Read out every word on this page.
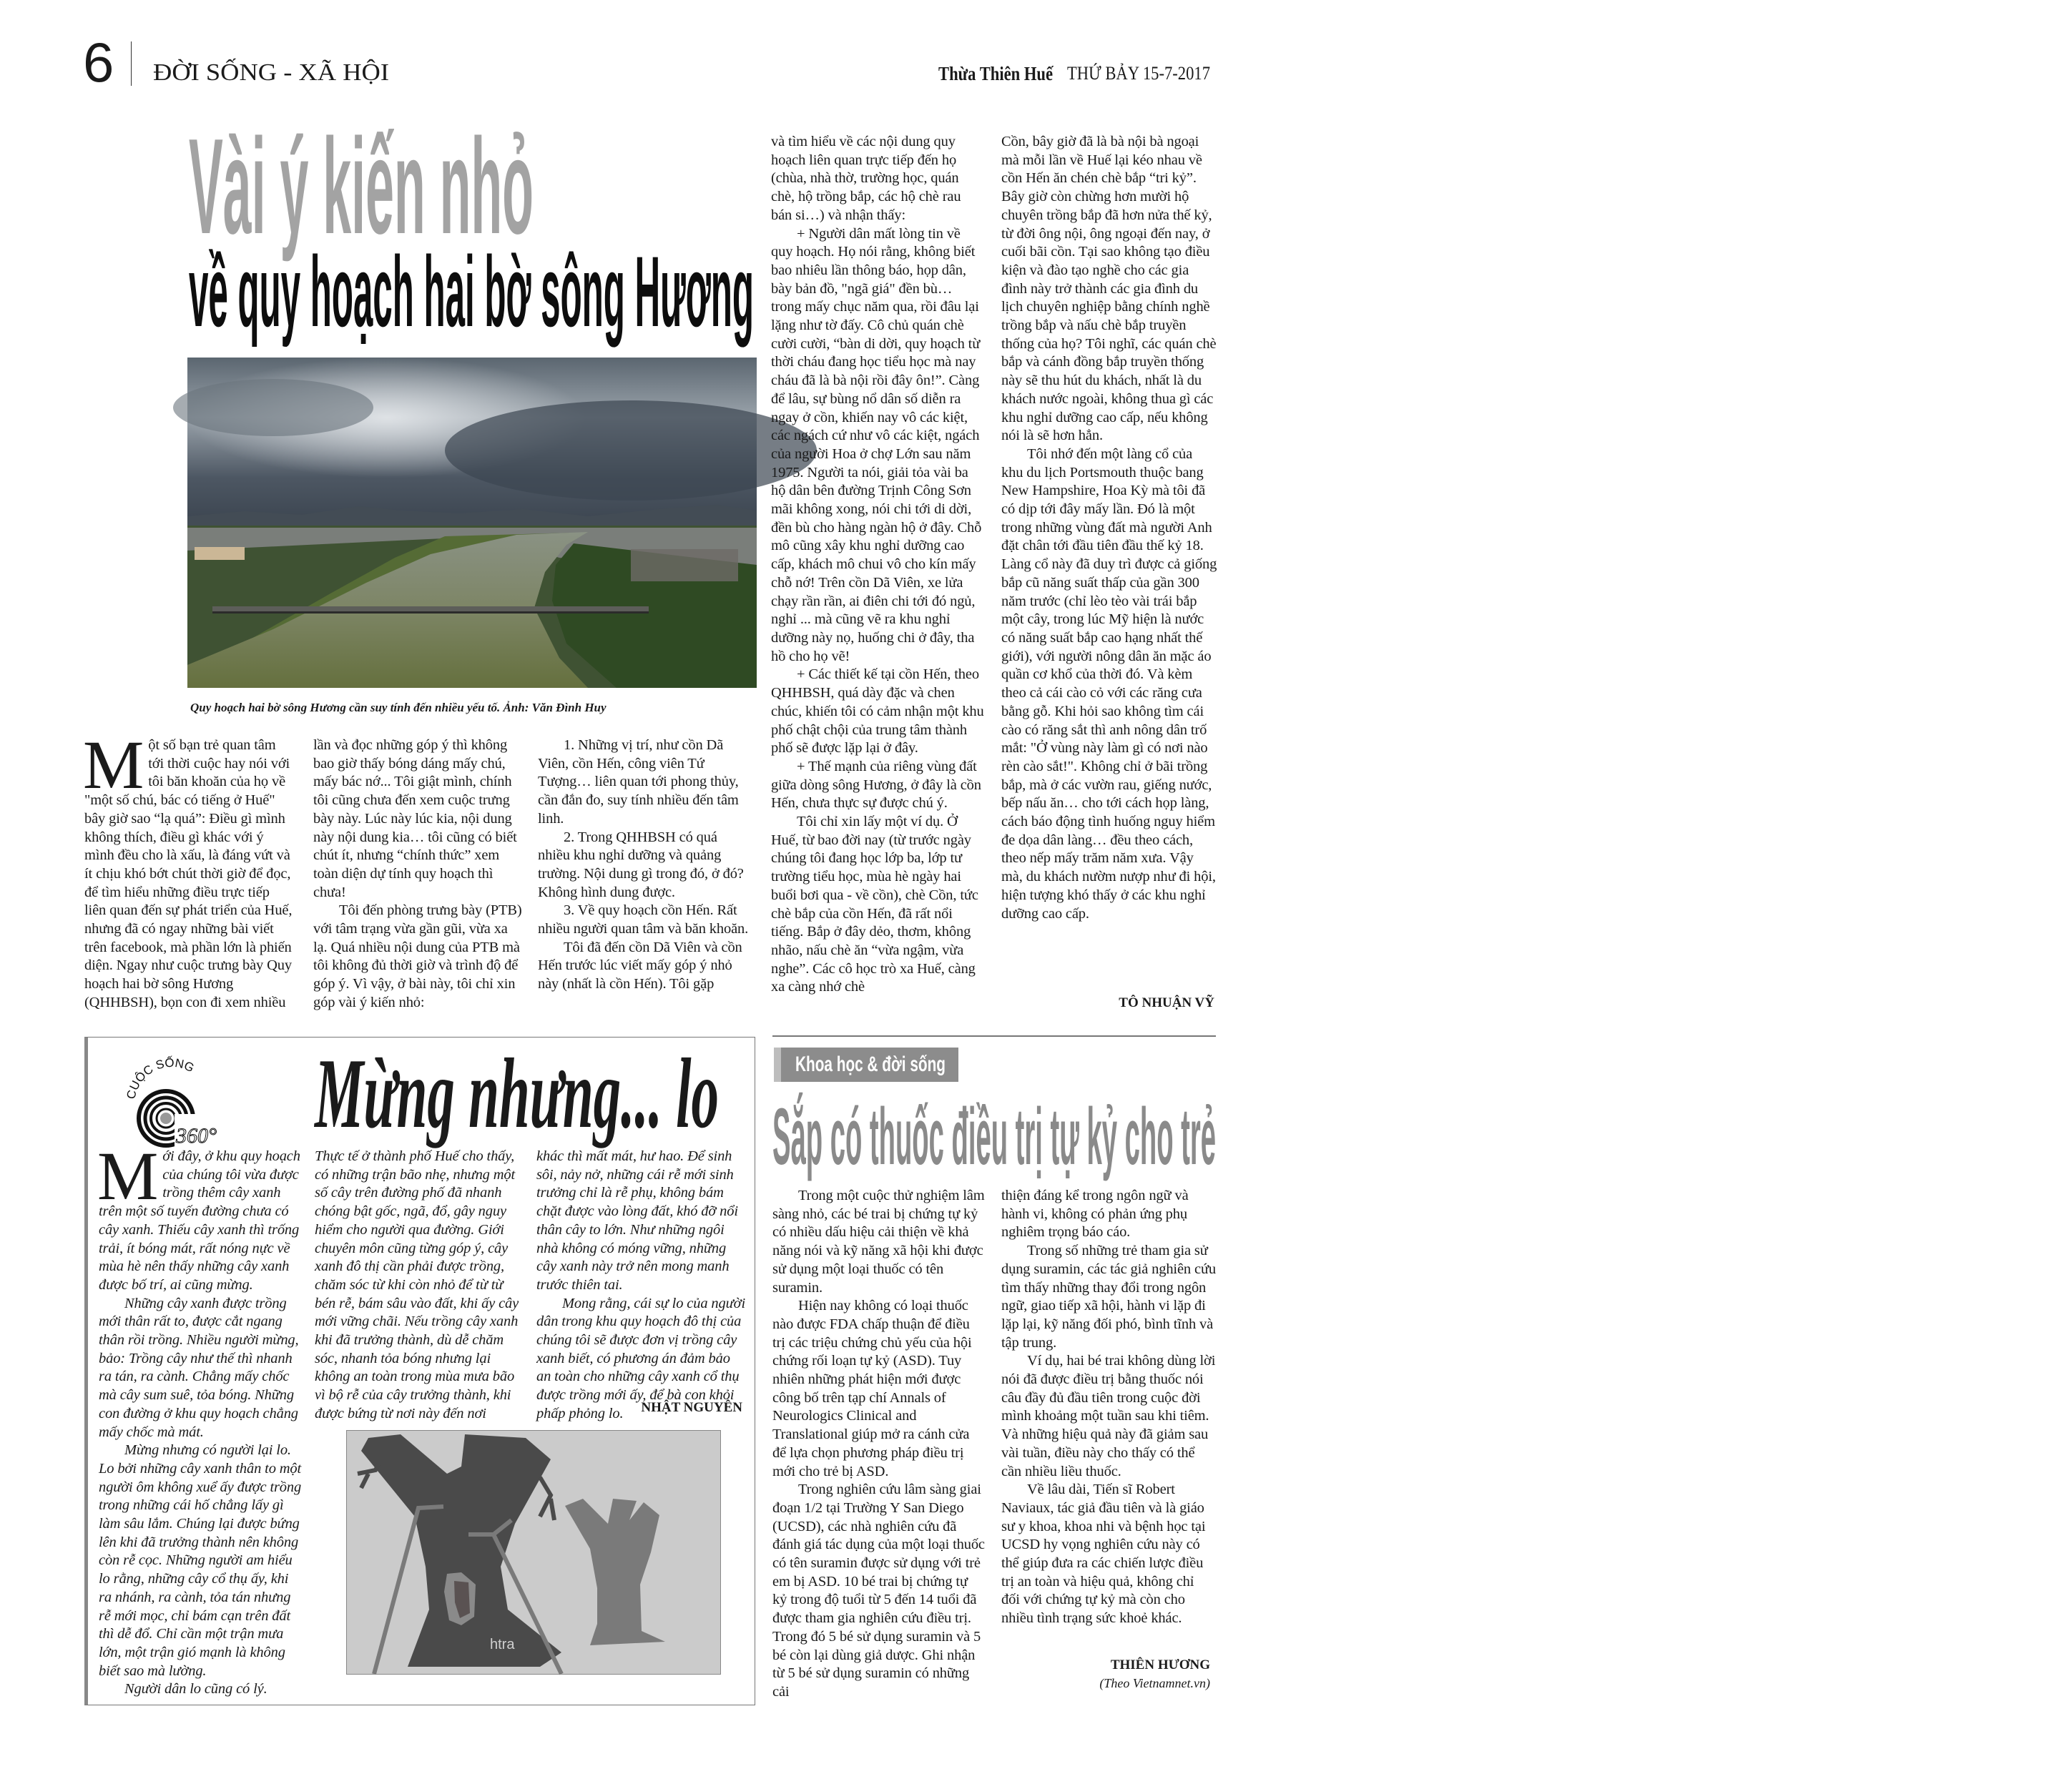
6 ĐỜI SỐNG - XÃ HỘI	Thừa Thiên Huế THỨ BẢY 15-7-2017
Vài ý kiến nhỏ
về quy hoạch hai bờ sông Hương
Quy hoạch hai bờ sông Hương cần suy tính đến nhiều yếu tố. Ảnh: Văn Đình Huy
M ột số bạn trẻ quan tâm tới thời cuộc hay nói với tôi băn khoăn của họ về "một số chú, bác có tiếng ở Huế" bây giờ sao “lạ quá”: Điều gì mình không thích, điều gì khác với ý mình đều cho là xấu, là đáng vứt và ít chịu khó bớt chút thời giờ để đọc, để tìm hiểu những điều trực tiếp liên quan đến sự phát triển của Huế, nhưng đã có ngay những bài viết trên facebook, mà phần lớn là phiến diện. Ngay như cuộc trưng bày Quy hoạch hai bờ sông Hương (QHHBSH), bọn con đi xem nhiều

lần và đọc những góp ý thì không bao giờ thấy bóng dáng mấy chú, mấy bác nớ... Tôi giật mình, chính tôi cũng chưa đến xem cuộc trưng bày này. Lúc này lúc kia, nội dung này nội dung kia… tôi cũng có biết chút ít, nhưng “chính thức” xem toàn diện dự tính quy hoạch thì chưa!

Tôi đến phòng trưng bày (PTB) với tâm trạng vừa gần gũi, vừa xa lạ. Quá nhiều nội dung của PTB mà tôi không đủ thời giờ và trình độ để góp ý. Vì vậy, ở bài này, tôi chỉ xin góp vài ý kiến nhỏ:

1. Những vị trí, như cồn Dã Viên, cồn Hến, công viên Tứ Tượng… liên quan tới phong thủy, cần đắn đo, suy tính nhiều đến tâm linh.

2. Trong QHHBSH có quá nhiều khu nghỉ dưỡng và quảng trường. Nội dung gì trong đó, ở đó? Không hình dung được.

3. Về quy hoạch cồn Hến. Rất nhiều người quan tâm và băn khoăn.

Tôi đã đến cồn Dã Viên và cồn Hến trước lúc viết mấy góp ý nhỏ này (nhất là cồn Hến). Tôi gặp

và tìm hiểu về các nội dung quy hoạch liên quan trực tiếp đến họ (chùa, nhà thờ, trường học, quán chè, hộ trồng bắp, các hộ chè rau bán si…) và nhận thấy:

+ Người dân mất lòng tin về quy hoạch. Họ nói rằng, không biết bao nhiêu lần thông báo, họp dân, bày bản đồ, "ngã giá" đền bù… trong mấy chục năm qua, rồi đâu lại lặng như tờ đấy. Cô chủ quán chè cười cười, “bàn di dời, quy hoạch từ thời cháu đang học tiểu học mà nay cháu đã là bà nội rồi đây ôn!”. Càng để lâu, sự bùng nổ dân số diễn ra ngay ở cồn, khiến nay vô các kiệt, các ngách cứ như vô các kiệt, ngách của người Hoa ở chợ Lớn sau năm 1975. Người ta nói, giải tỏa vài ba hộ dân bên đường Trịnh Công Sơn mãi không xong, nói chi tới di dời, đền bù cho hàng ngàn hộ ở đây. Chỗ mô cũng xây khu nghỉ dưỡng cao cấp, khách mô chui vô cho kín mấy chỗ nớ! Trên cồn Dã Viên, xe lửa chạy rần rần, ai điên chi tới đó ngủ, nghỉ ... mà cũng vẽ ra khu nghỉ dưỡng này nọ, huống chi ở đây, tha hồ cho họ vẽ!

+ Các thiết kế tại cồn Hến, theo QHHBSH, quá dày đặc và chen chúc, khiến tôi có cảm nhận một khu phố chật chội của trung tâm thành phố sẽ được lặp lại ở đây.

+ Thế mạnh của riêng vùng đất giữa dòng sông Hương, ở đây là cồn Hến, chưa thực sự được chú ý.

Tôi chỉ xin lấy một ví dụ. Ở Huế, từ bao đời nay (từ trước ngày chúng tôi đang học lớp ba, lớp tư trường tiểu học, mùa hè ngày hai buổi bơi qua - về cồn), chè Cồn, tức chè bắp của cồn Hến, đã rất nổi tiếng. Bắp ở đây dẻo, thơm, không nhão, nấu chè ăn “vừa ngậm, vừa nghe”. Các cô học trò xa Huế, càng xa càng nhớ chè

Cồn, bây giờ đã là bà nội bà ngoại mà mỗi lần về Huế lại kéo nhau về cồn Hến ăn chén chè bắp “tri kỷ”. Bây giờ còn chừng hơn mười hộ chuyên trồng bắp đã hơn nửa thế kỷ, từ đời ông nội, ông ngoại đến nay, ở cuối bãi cồn. Tại sao không tạo điều kiện và đào tạo nghề cho các gia đình này trở thành các gia đình du lịch chuyên nghiệp bằng chính nghề trồng bắp và nấu chè bắp truyền thống của họ? Tôi nghĩ, các quán chè bắp và cánh đồng bắp truyền thống này sẽ thu hút du khách, nhất là du khách nước ngoài, không thua gì các khu nghỉ dưỡng cao cấp, nếu không nói là sẽ hơn hẳn.

Tôi nhớ đến một làng cổ của khu du lịch Portsmouth thuộc bang New Hampshire, Hoa Kỳ mà tôi đã có dịp tới đây mấy lần. Đó là một trong những vùng đất mà người Anh đặt chân tới đầu tiên đầu thế kỷ 18. Làng cổ này đã duy trì được cả giống bắp cũ năng suất thấp của gần 300 năm trước (chỉ lèo tèo vài trái bắp một cây, trong lúc Mỹ hiện là nước có năng suất bắp cao hạng nhất thế giới), với người nông dân ăn mặc áo quần cơ khổ của thời đó. Và kèm theo cả cái cào cỏ với các răng cưa bằng gỗ. Khi hỏi sao không tìm cái cào có răng sắt thì anh nông dân trố mắt: "Ở vùng này làm gì có nơi nào rèn cào sắt!". Không chỉ ở bãi trồng bắp, mà ở các vườn rau, giếng nước, bếp nấu ăn… cho tới cách họp làng, cách báo động tình huống nguy hiểm đe dọa dân làng… đều theo cách, theo nếp mấy trăm năm xưa. Vậy mà, du khách nườm nượp như đi hội, hiện tượng khó thấy ở các khu nghỉ dưỡng cao cấp.

TÔ NHUẬN VỸ
CUỘC SỐNG
360° Mừng nhưng... lo
M ới đây, ở khu quy hoạch của chúng tôi vừa được trồng thêm cây xanh trên một số tuyến đường chưa có cây xanh. Thiếu cây xanh thì trống trải, ít bóng mát, rất nóng nực về mùa hè nên thấy những cây xanh được bố trí, ai cũng mừng.

Những cây xanh được trồng mới thân rất to, được cắt ngang thân rồi trồng. Nhiều người mừng, bảo: Trồng cây như thế thì nhanh ra tán, ra cành. Chẳng mấy chốc mà cây sum suê, tỏa bóng. Những con đường ở khu quy hoạch chẳng mấy chốc mà mát.

Mừng nhưng có người lại lo. Lo bởi những cây xanh thân to một người ôm không xuể ấy được trồng trong những cái hố chẳng lấy gì làm sâu lắm. Chúng lại được bứng lên khi đã trưởng thành nên không còn rễ cọc. Những người am hiểu lo rằng, những cây cổ thụ ấy, khi ra nhánh, ra cành, tỏa tán nhưng rễ mới mọc, chỉ bám cạn trên đất thì dễ đổ. Chỉ cần một trận mưa lớn, một trận gió mạnh là không biết sao mà lường.

Người dân lo cũng có lý.

Thực tế ở thành phố Huế cho thấy, có những trận bão nhẹ, nhưng một số cây trên đường phố đã nhanh chóng bật gốc, ngã, đổ, gây nguy hiểm cho người qua đường. Giới chuyên môn cũng từng góp ý, cây xanh đô thị cần phải được trồng, chăm sóc từ khi còn nhỏ để từ từ bén rễ, bám sâu vào đất, khi ấy cây mới vững chãi. Nếu trồng cây xanh khi đã trưởng thành, dù dễ chăm sóc, nhanh tỏa bóng nhưng lại không an toàn trong mùa mưa bão vì bộ rễ của cây trưởng thành, khi được bứng từ nơi này đến nơi

khác thì mất mát, hư hao. Để sinh sôi, nảy nở, những cái rễ mới sinh trưởng chỉ là rễ phụ, không bám chặt được vào lòng đất, khó đỡ nổi thân cây to lớn. Như những ngôi nhà không có móng vững, những cây xanh này trở nên mong manh trước thiên tai.

Mong rằng, cái sự lo của người dân trong khu quy hoạch đô thị của chúng tôi sẽ được đơn vị trồng cây xanh biết, có phương án đảm bảo an toàn cho những cây xanh cổ thụ được trồng mới ấy, để bà con khỏi phấp phỏng lo.	NHẬT NGUYÊN
htra
Khoa học & đời sống
Sắp có thuốc điều trị tự kỷ cho trẻ

Trong một cuộc thử nghiệm lâm sàng nhỏ, các bé trai bị chứng tự kỷ có nhiều dấu hiệu cải thiện về khả năng nói và kỹ năng xã hội khi được sử dụng một loại thuốc có tên suramin.

Hiện nay không có loại thuốc nào được FDA chấp thuận để điều trị các triệu chứng chủ yếu của hội chứng rối loạn tự kỷ (ASD). Tuy nhiên những phát hiện mới được công bố trên tạp chí Annals of Neurologics Clinical and Translational giúp mở ra cánh cửa để lựa chọn phương pháp điều trị mới cho trẻ bị ASD.

Trong nghiên cứu lâm sàng giai đoạn 1/2 tại Trường Y San Diego (UCSD), các nhà nghiên cứu đã đánh giá tác dụng của một loại thuốc có tên suramin được sử dụng với trẻ em bị ASD. 10 bé trai bị chứng tự kỷ trong độ tuổi từ 5 đến 14 tuổi đã được tham gia nghiên cứu điều trị. Trong đó 5 bé sử dụng suramin và 5 bé còn lại dùng giả dược. Ghi nhận từ 5 bé sử dụng suramin có những cải

thiện đáng kể trong ngôn ngữ và hành vi, không có phản ứng phụ nghiêm trọng báo cáo.

Trong số những trẻ tham gia sử dụng suramin, các tác giả nghiên cứu tìm thấy những thay đổi trong ngôn ngữ, giao tiếp xã hội, hành vi lặp đi lặp lại, kỹ năng đối phó, bình tĩnh và tập trung.

Ví dụ, hai bé trai không dùng lời nói đã được điều trị bằng thuốc nói câu đầy đủ đầu tiên trong cuộc đời mình khoảng một tuần sau khi tiêm. Và những hiệu quả này đã giảm sau vài tuần, điều này cho thấy có thể cần nhiều liều thuốc.

Về lâu dài, Tiến sĩ Robert Naviaux, tác giả đầu tiên và là giáo sư y khoa, khoa nhi và bệnh học tại UCSD hy vọng nghiên cứu này có thể giúp đưa ra các chiến lược điều trị an toàn và hiệu quả, không chỉ đối với chứng tự kỷ mà còn cho nhiều tình trạng sức khoẻ khác.

THIÊN HƯƠNG
(Theo Vietnamnet.vn)
